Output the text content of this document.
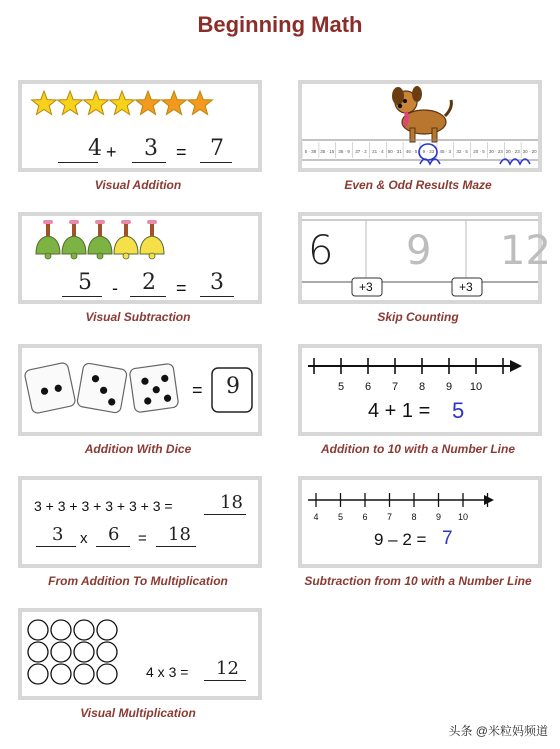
Beginning Math
4 + 3 = 7
Visual Addition
5 · 38 35 · 15 36 · 9 37 · 2 21 · 4 50 · 31 46 · 5 9 · 33 45 · 3 32 · 5 20 · 5 30 · 23 20 · 23 30 · 20
Even & Odd Results Maze
5 - 2 = 3
Visual Subtraction
6 9 12
+3	+3
Skip Counting
= 9
Addition With Dice
5 6 7 8 9 10
4 + 1 = 5
Addition to 10 with a Number Line
3 + 3 + 3 + 3 + 3 + 3 =	18
3 x 6 = 18
From Addition To Multiplication
4 5 6 7 8 9 10
9 – 2 = 7
Subtraction from 10 with a Number Line
4 x 3 = 12
Visual Multiplication
头条 @米粒妈频道
